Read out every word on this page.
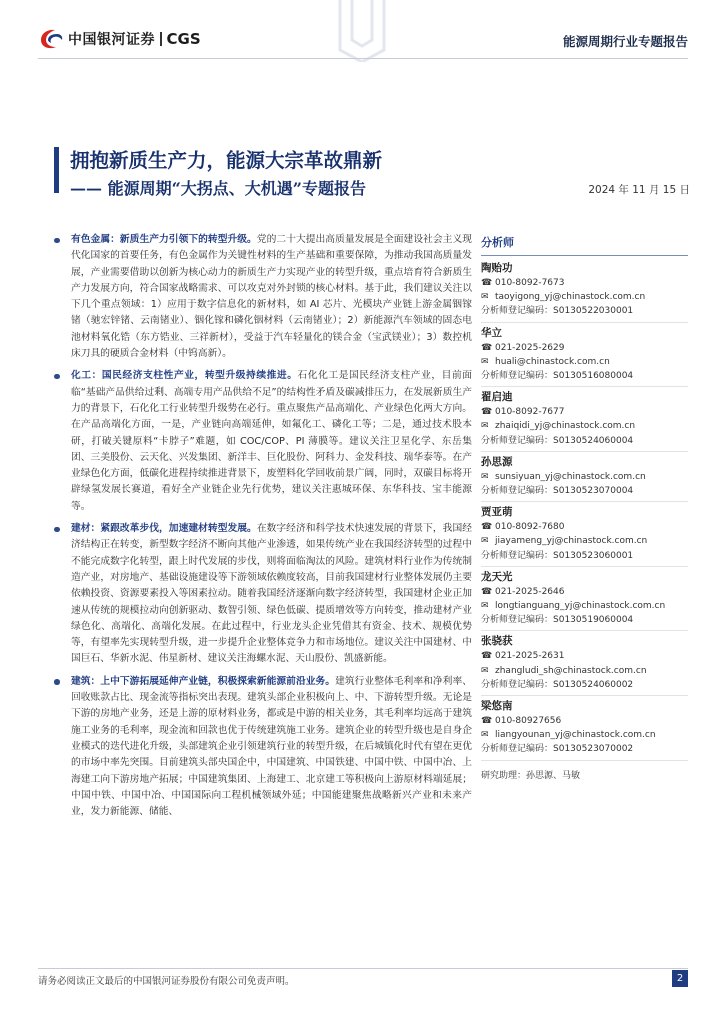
中国银河证券 CGS	能源周期行业专题报告
拥抱新质生产力，能源大宗革故鼎新
—— 能源周期“大拐点、大机遇”专题报告	2024 年 11 月 15 日
有色金属：新质生产力引领下的转型升级。党的二十大提出高质量发展是全面建设社会主义现代化国家的首要任务，有色金属作为关键性材料的生产基础和重要保障，为推动我国高质量发展，产业需要借助以创新为核心动力的新质生产力实现产业的转型升级，重点培育符合新质生产力发展方向，符合国家战略需求、可以攻克对外封锁的核心材料。基于此，我们建议关注以下几个重点领域：1）应用于数字信息化的新材料，如 AI 芯片、光模块产业链上游金属铟镓锗（驰宏锌锗、云南锗业）、铟化镓和磷化铟材料（云南锗业）；2）新能源汽车领域的固态电池材料氧化锆（东方锆业、三祥新材），受益于汽车轻量化的镁合金（宝武镁业）；3）数控机床刀具的硬质合金材料（中钨高新）。
化工：国民经济支柱性产业，转型升级持续推进。石化化工是国民经济支柱产业，目前面临“基础产品供给过剩、高端专用产品供给不足”的结构性矛盾及碳减排压力，在发展新质生产力的背景下，石化化工行业转型升级势在必行。重点聚焦产品高端化、产业绿色化两大方向。在产品高端化方面，一是，产业链向高端延伸，如氟化工、磷化工等；二是，通过技术股本研，打破关键原料“卡脖子”难题，如 COC/COP、PI 薄膜等。建议关注卫星化学、东岳集团、三美股份、云天化、兴发集团、新洋丰、巨化股份、阿科力、金发科技、瑞华泰等。在产业绿色化方面，低碳化进程持续推进背景下，废塑料化学回收前景广阔，同时，双碳目标将开辟绿氢发展长赛道，看好全产业链企业先行优势，建议关注惠城环保、东华科技、宝丰能源等。
建材：紧跟改革步伐，加速建材转型发展。在数字经济和科学技术快速发展的背景下，我国经济结构正在转变，新型数字经济不断向其他产业渗透，如果传统产业在我国经济转型的过程中不能完成数字化转型，跟上时代发展的步伐，则将面临淘汰的风险。建筑材料行业作为传统制造产业，对房地产、基础设施建设等下游领域依赖度较高，目前我国建材行业整体发展仍主要依赖投资、资源要素投入等困素拉动。随着我国经济逐渐向数字经济转型，我国建材企业正加速从传统的规模拉动向创新驱动、数智引领、绿色低碳、提质增效等方向转变，推动建材产业绿色化、高端化、高端化发展。在此过程中，行业龙头企业凭借其有资金、技术、规模优势等，有望率先实现转型升级，进一步提升企业整体竞争力和市场地位。建议关注中国建材、中国巨石、华新水泥、伟星新材、建议关注海螺水泥、天山股份、凯盛新能。
建筑：上中下游拓展延伸产业链，积极探索新能源前沿业务。建筑行业整体毛利率和净利率、回收账款占比、现金流等指标突出表现。建筑头部企业积极向上、中、下游转型升级。无论是下游的房地产业务，还是上游的原材料业务，都或是中游的相关业务，其毛利率均远高于建筑施工业务的毛利率，现金流和回款也优于传统建筑施工业务。建筑企业的转型升级也是自身企业模式的迭代进化升级，头部建筑企业引领建筑行业的转型升级，在后城镇化时代有望在更优的市场中率先突围。目前建筑头部央国企中，中国建筑、中国铁建、中国中铁、中国中冶、上海建工向下游房地产拓展；中国建筑集团、上海建工、北京建工等积极向上游原材料端延展；中国中铁、中国中冶、中国国际向工程机械领域外延；中国能建聚焦战略新兴产业和未来产业，发力新能源、储能、
分析师
陶贻功
☎ 010-8092-7673
✉ taoyigong_yj@chinastock.com.cn
分析师登记编码：S0130522030001
华立
☎ 021-2025-2629
✉ huali@chinastock.com.cn
分析师登记编码：S0130516080004
翟启迪
☎ 010-8092-7677
✉ zhaiqidi_yj@chinastock.com.cn
分析师登记编码：S0130524060004
孙思源
✉ sunsiyuan_yj@chinastock.com.cn
分析师登记编码：S0130523070004
贾亚萌
☎ 010-8092-7680
✉ jiayameng_yj@chinastock.com.cn
分析师登记编码：S0130523060001
龙天光
☎ 021-2025-2646
✉ longtianguang_yj@chinastock.com.cn
分析师登记编码：S0130519060004
张骁获
☎ 021-2025-2631
✉ zhangludi_sh@chinastock.com.cn
分析师登记编码：S0130524060002
梁悠南
☎ 010-80927656
✉ liangyounan_yj@chinastock.com.cn
分析师登记编码：S0130523070002
研究助理：孙思源、马敏
请务必阅读正文最后的中国银河证券股份有限公司免责声明。	2
